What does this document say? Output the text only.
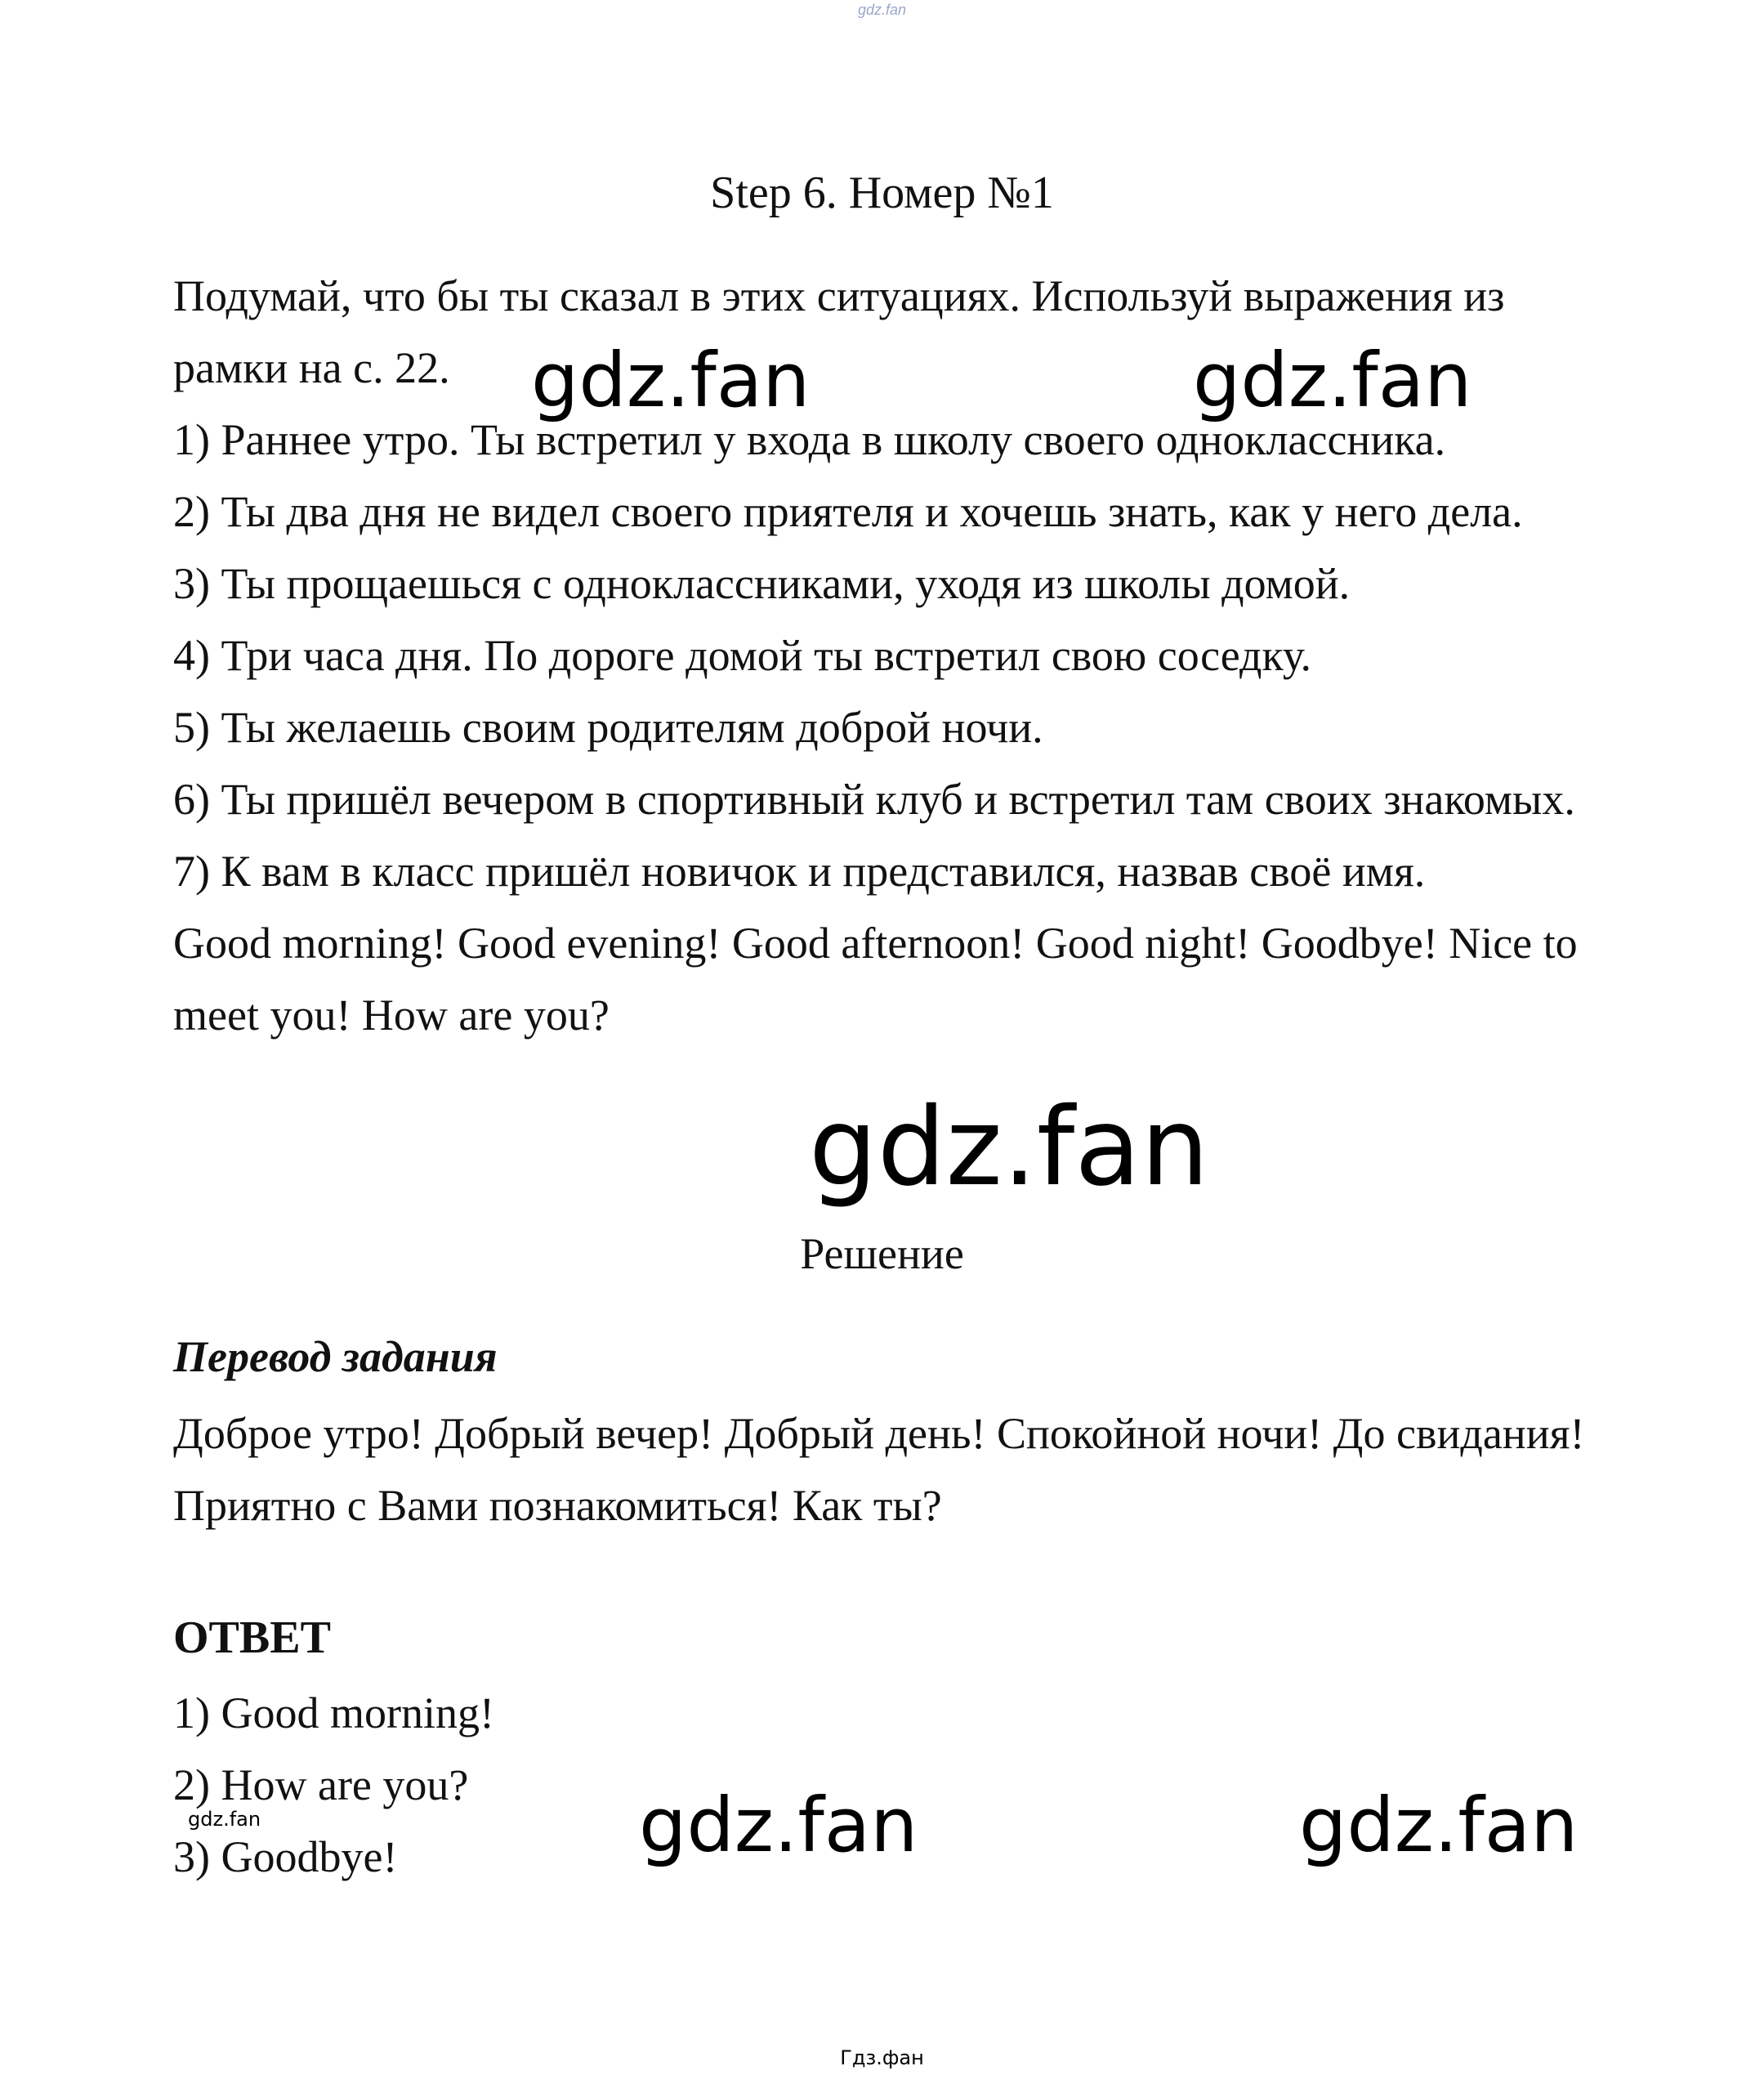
gdz.fan
Step 6. Номер №1

Подумай, что бы ты сказал в этих ситуациях. Используй выражения из рамки на с. 22.

1) Раннее утро. Ты встретил у входа в школу своего одноклассника.

2) Ты два дня не видел своего приятеля и хочешь знать, как у него дела.

3) Ты прощаешься с одноклассниками, уходя из школы домой.

4) Три часа дня. По дороге домой ты встретил свою соседку.

5) Ты желаешь своим родителям доброй ночи.

6) Ты пришёл вечером в спортивный клуб и встретил там своих знакомых.

7) К вам в класс пришёл новичок и представился, назвав своё имя.

Good morning! Good evening! Good afternoon! Good night! Goodbye! Nice to meet you! How are you?

Решение
Перевод задания
Доброе утро! Добрый вечер! Добрый день! Спокойной ночи! До свидания! Приятно с Вами познакомиться! Как ты?
ОТВЕТ

1) Good morning!

2) How are you?

3) Goodbye!

gdz.fan	gdz.fan
gdz.fan
gdz.fan	gdz.fan
gdz.fan
Гдз.фан
